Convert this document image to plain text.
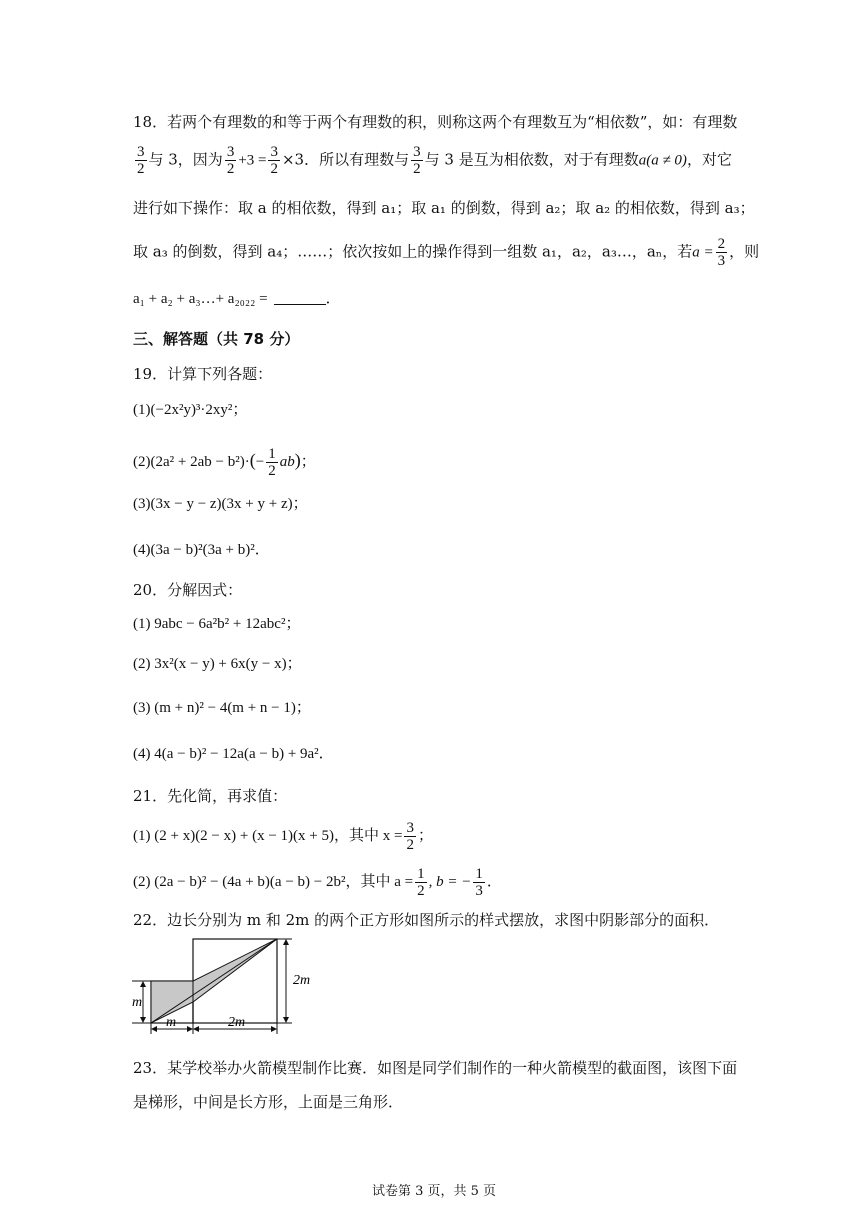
18．若两个有理数的和等于两个有理数的积，则称这两个有理数互为“相依数”，如：有理数
$\frac{3}{2}$ 与 3，因为 $\frac{3}{2} +3 = \frac{3}{2} \times 3$．所以有理数与 $\frac{3}{2}$ 与 3 是互为相依数，对于有理数a(a ≠ 0)，对它
进行如下操作：取 a 的相依数，得到 a₁；取 a₁ 的倒数，得到 a₂；取 a₂ 的相依数，得到 a₃；
取 a₃ 的倒数，得到 a₄；……；依次按如上的操作得到一组数 a₁，a₂，a₃…，aₙ，若$a = \frac{2}{3}$ ，则
a₁ + a₂ + a₃…+ a₂₀₂₂ =	．
三、解答题（共 78 分）
19．计算下列各题：
(1)(−2x²y)³·2xy²；
$(2)(2a^2 + 2ab - b^2)\cdot(- \frac{1}{2} ab)$；
(3)(3x − y − z)(3x + y + z)；
(4)(3a − b)²(3a + b)²．
20．分解因式：
(1) 9abc − 6a²b² + 12abc²；
(2) 3x²(x − y) + 6x(y − x)；
(3) (m + n)² − 4(m + n − 1)；
(4) 4(a − b)² − 12a(a − b) + 9a²．
21．先化简，再求值：
(1) (2 + x)(2 − x) + (x − 1)(x + 5)，其中 $x = \frac{3}{2}$ ；
(2) (2a − b)² − (4a + b)(a − b) − 2b²，其中 $a = \frac{1}{2}$ , b = − $\frac{1}{3}$ ．
22．边长分别为 m 和 2m 的两个正方形如图所示的样式摆放，求图中阴影部分的面积．
m
m	2m
2m
23．某学校举办火箭模型制作比赛．如图是同学们制作的一种火箭模型的截面图，该图下面
是梯形，中间是长方形，上面是三角形．
试卷第 3 页，共 5 页
